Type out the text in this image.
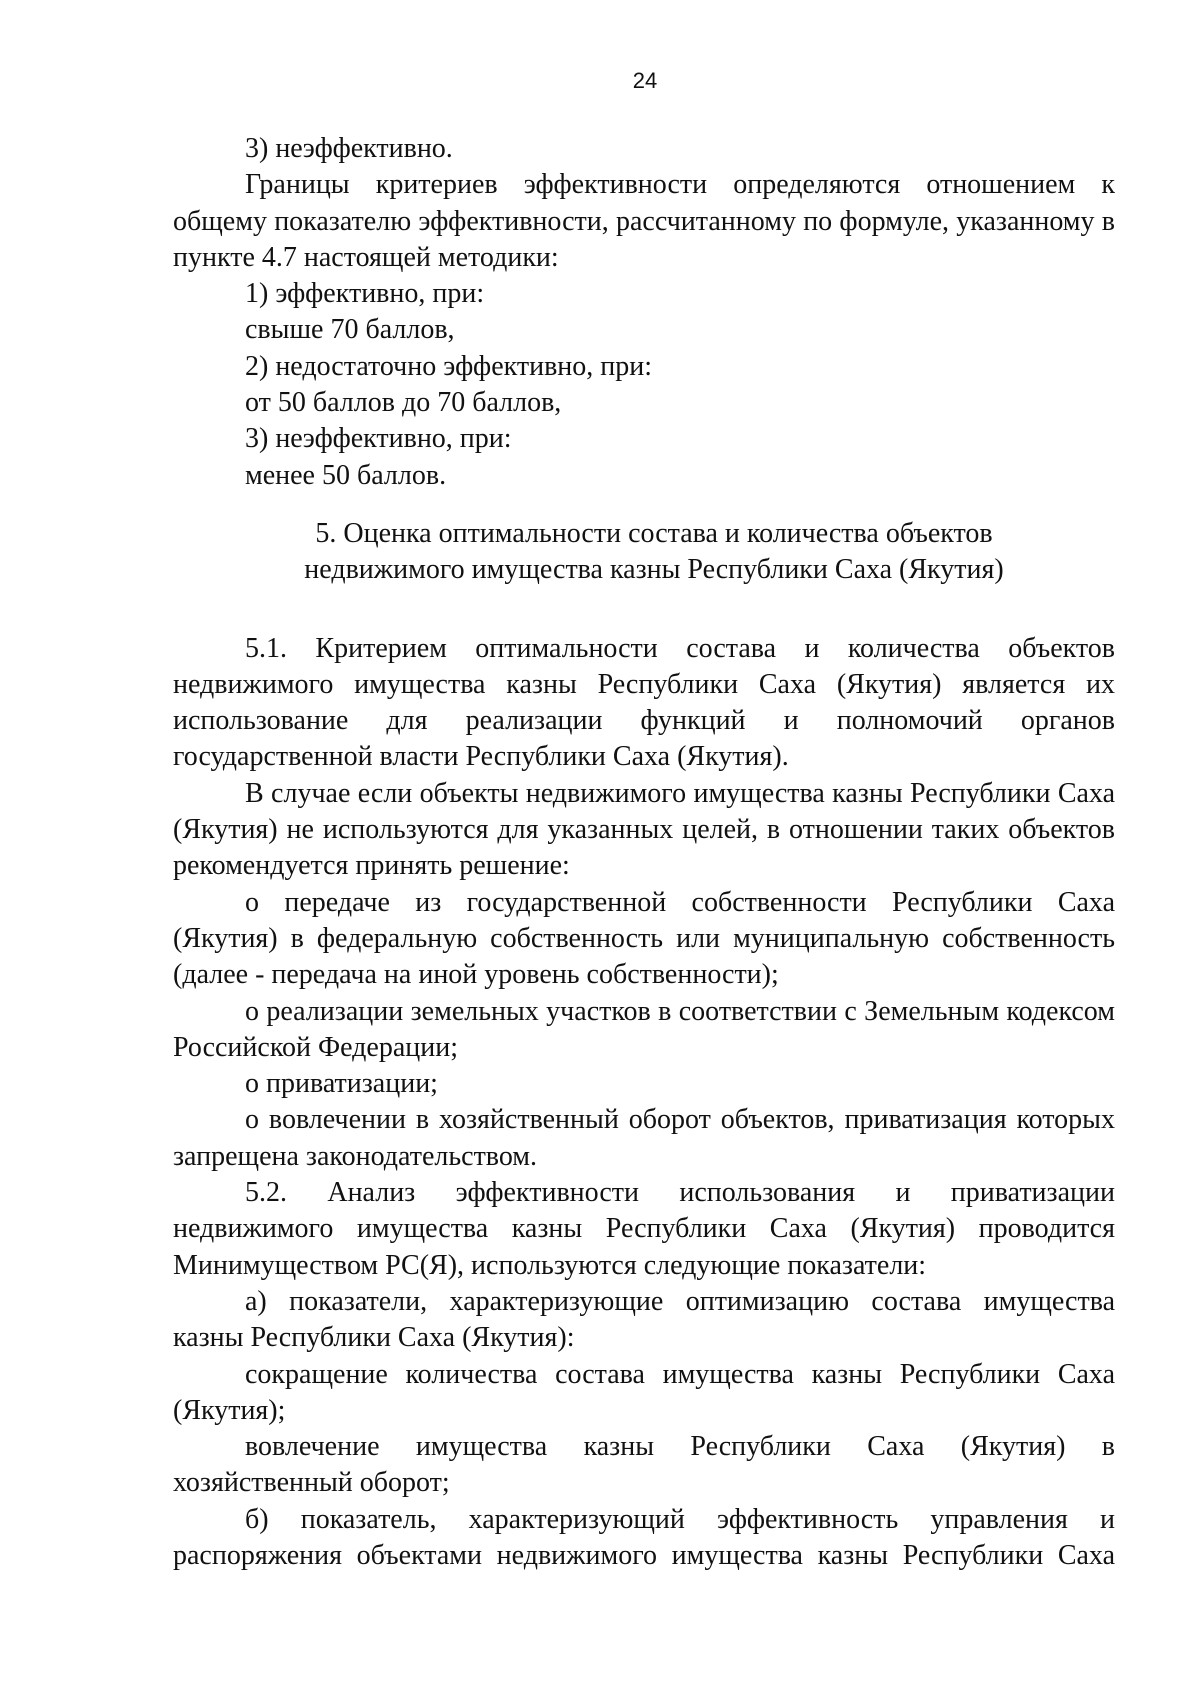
24

3) неэффективно.

Границы критериев эффективности определяются отношением к общему показателю эффективности, рассчитанному по формуле, указанному в пункте 4.7 настоящей методики:

1) эффективно, при:

свыше 70 баллов,

2) недостаточно эффективно, при:

от 50 баллов до 70 баллов,

3) неэффективно, при:

менее 50 баллов.

5. Оценка оптимальности состава и количества объектов
недвижимого имущества казны Республики Саха (Якутия)

5.1. Критерием оптимальности состава и количества объектов недвижимого имущества казны Республики Саха (Якутия) является их использование для реализации функций и полномочий органов государственной власти Республики Саха (Якутия).

В случае если объекты недвижимого имущества казны Республики Саха (Якутия) не используются для указанных целей, в отношении таких объектов рекомендуется принять решение:

о передаче из государственной собственности Республики Саха (Якутия) в федеральную собственность или муниципальную собственность (далее - передача на иной уровень собственности);

о реализации земельных участков в соответствии с Земельным кодексом Российской Федерации;

о приватизации;

о вовлечении в хозяйственный оборот объектов, приватизация которых запрещена законодательством.

5.2. Анализ эффективности использования и приватизации недвижимого имущества казны Республики Саха (Якутия) проводится Минимуществом РС(Я), используются следующие показатели:

а) показатели, характеризующие оптимизацию состава имущества казны Республики Саха (Якутия):

сокращение количества состава имущества казны Республики Саха (Якутия);

вовлечение имущества казны Республики Саха (Якутия) в хозяйственный оборот;

б) показатель, характеризующий эффективность управления и распоряжения объектами недвижимого имущества казны Республики Саха
